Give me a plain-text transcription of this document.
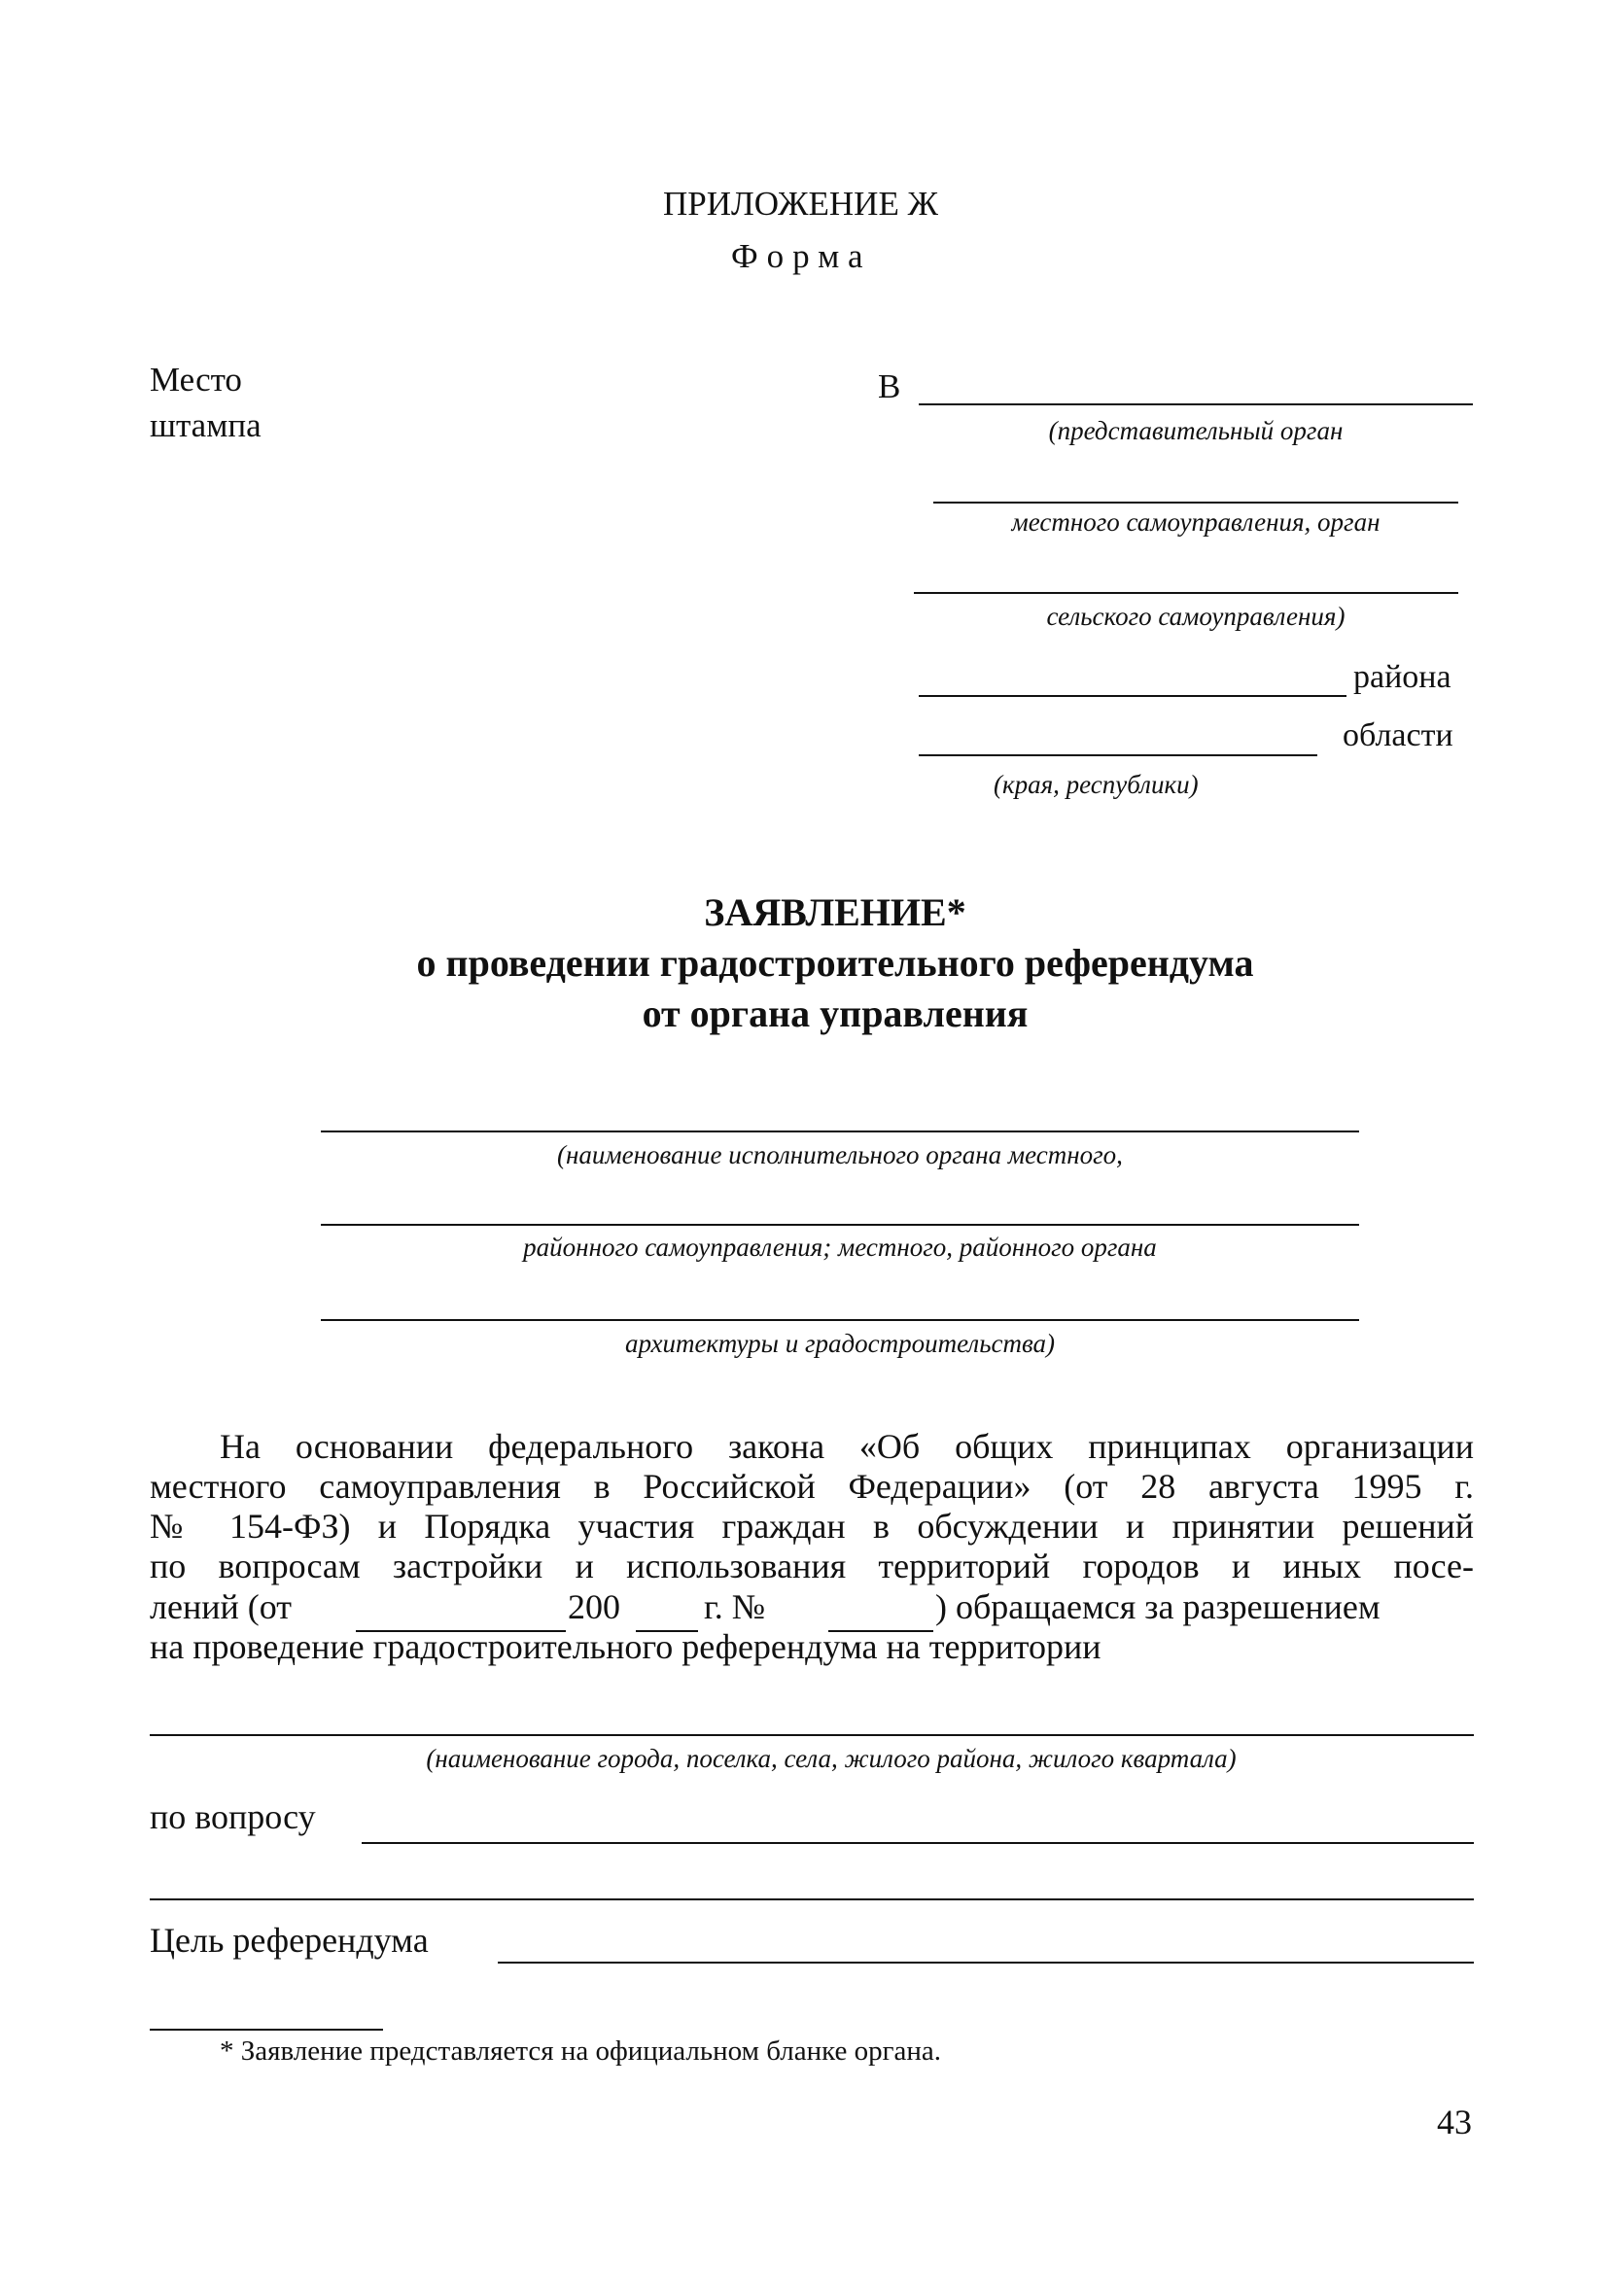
ПРИЛОЖЕНИЕ Ж
Форма
Место
штампа
В
(представительный орган
местного самоуправления, орган
сельского самоуправления)
района
области
(края, республики)
ЗАЯВЛЕНИЕ*
о проведении градостроительного референдума
от органа управления
(наименование исполнительного органа местного,
районного самоуправления; местного, районного органа
архитектуры и градостроительства)
На основании федерального закона «Об общих принципах организации
местного самоуправления в Российской Федерации» (от 28 августа 1995 г.
№ 154-ФЗ) и Порядка участия граждан в обсуждении и принятии решений
по вопросам застройки и использования территорий городов и иных посе-
лений (от	200 г. №	) обращаемся за разрешением
на проведение градостроительного референдума на территории
(наименование города, поселка, села, жилого района, жилого квартала)
по вопросу
Цель референдума
* Заявление представляется на официальном бланке органа.
43
